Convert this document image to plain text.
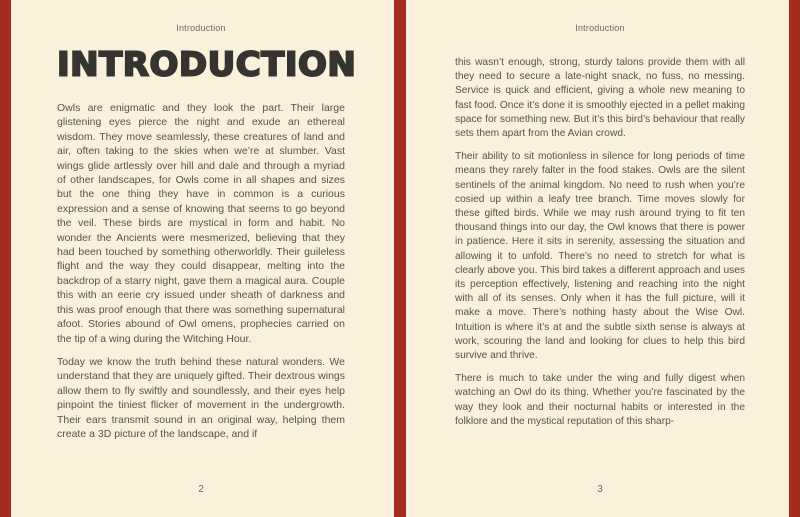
Introduction
INTRODUCTION

Owls are enigmatic and they look the part. Their large glistening eyes pierce the night and exude an ethereal wisdom. They move seamlessly, these creatures of land and air, often taking to the skies when we’re at slumber. Vast wings glide artlessly over hill and dale and through a myriad of other landscapes, for Owls come in all shapes and sizes but the one thing they have in common is a curious expression and a sense of knowing that seems to go beyond the veil. These birds are mystical in form and habit. No wonder the Ancients were mesmerized, believing that they had been touched by something otherworldly. Their guileless flight and the way they could disappear, melting into the backdrop of a starry night, gave them a magical aura. Couple this with an eerie cry issued under sheath of darkness and this was proof enough that there was something supernatural afoot. Stories abound of Owl omens, prophecies carried on the tip of a wing during the Witching Hour.

Today we know the truth behind these natural wonders. We understand that they are uniquely gifted. Their dextrous wings allow them to fly swiftly and soundlessly, and their eyes help pinpoint the tiniest flicker of movement in the undergrowth. Their ears transmit sound in an original way, helping them create a 3D picture of the landscape, and if

2
Introduction

this wasn’t enough, strong, sturdy talons provide them with all they need to secure a late-night snack, no fuss, no messing. Service is quick and efficient, giving a whole new meaning to fast food. Once it’s done it is smoothly ejected in a pellet making space for something new. But it’s this bird’s behaviour that really sets them apart from the Avian crowd.

Their ability to sit motionless in silence for long periods of time means they rarely falter in the food stakes. Owls are the silent sentinels of the animal kingdom. No need to rush when you’re cosied up within a leafy tree branch. Time moves slowly for these gifted birds. While we may rush around trying to fit ten thousand things into our day, the Owl knows that there is power in patience. Here it sits in serenity, assessing the situation and allowing it to unfold. There’s no need to stretch for what is clearly above you. This bird takes a different approach and uses its perception effectively, listening and reaching into the night with all of its senses. Only when it has the full picture, will it make a move. There’s nothing hasty about the Wise Owl. Intuition is where it’s at and the subtle sixth sense is always at work, scouring the land and looking for clues to help this bird survive and thrive.

There is much to take under the wing and fully digest when watching an Owl do its thing. Whether you’re fascinated by the way they look and their nocturnal habits or interested in the folklore and the mystical reputation of this sharp-

3
